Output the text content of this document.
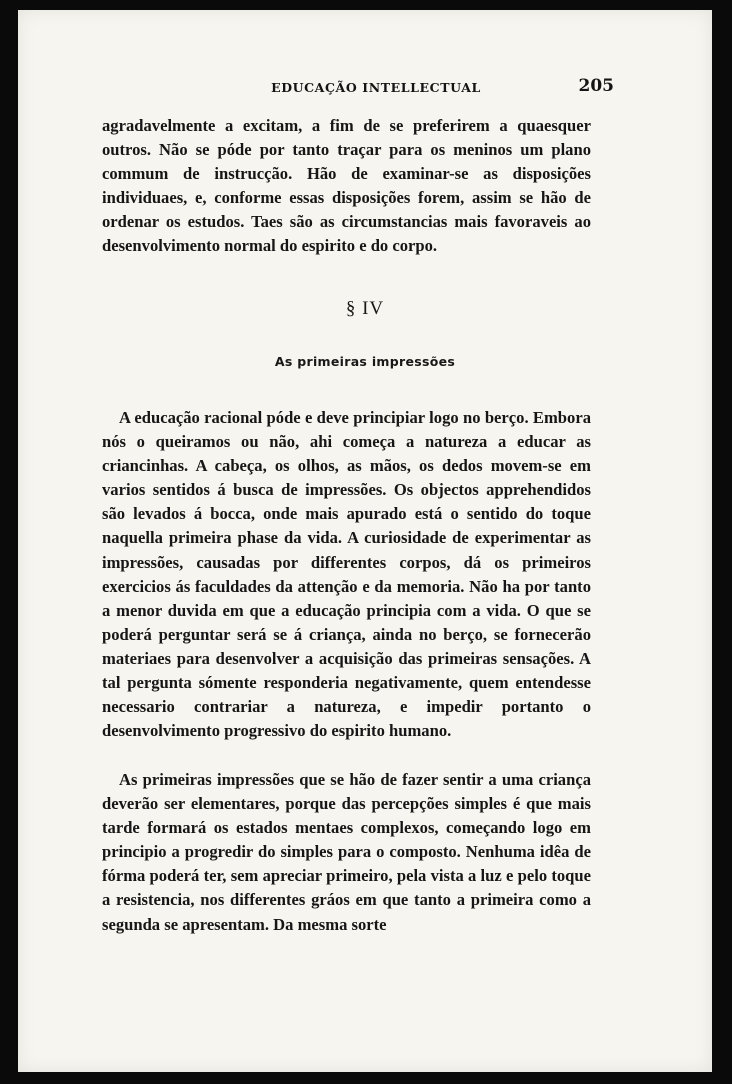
EDUCAÇÃO INTELLECTUAL	205

agradavelmente a excitam, a fim de se preferirem a quaesquer outros. Não se póde por tanto traçar para os meninos um plano commum de instrucção. Hão de examinar-se as disposições individuaes, e, conforme essas disposições forem, assim se hão de ordenar os estudos. Taes são as circumstancias mais favoraveis ao desenvolvimento normal do espirito e do corpo.

§ IV
As primeiras impressões

A educação racional póde e deve principiar logo no berço. Embora nós o queiramos ou não, ahi começa a natureza a educar as criancinhas. A cabeça, os olhos, as mãos, os dedos movem-se em varios sentidos á busca de impressões. Os objectos apprehendidos são levados á bocca, onde mais apurado está o sentido do toque naquella primeira phase da vida. A curiosidade de experimentar as impressões, causadas por differentes corpos, dá os primeiros exercicios ás faculdades da attenção e da memoria. Não ha por tanto a menor duvida em que a educação principia com a vida. O que se poderá perguntar será se á criança, ainda no berço, se fornecerão materiaes para desenvolver a acquisição das primeiras sensações. A tal pergunta sómente responderia negativamente, quem entendesse necessario contrariar a natureza, e impedir portanto o desenvolvimento progressivo do espirito humano.

As primeiras impressões que se hão de fazer sentir a uma criança deverão ser elementares, porque das percepções simples é que mais tarde formará os estados mentaes complexos, começando logo em principio a progredir do simples para o composto. Nenhuma idêa de fórma poderá ter, sem apreciar primeiro, pela vista a luz e pelo toque a resistencia, nos differentes gráos em que tanto a primeira como a segunda se apresentam. Da mesma sorte
